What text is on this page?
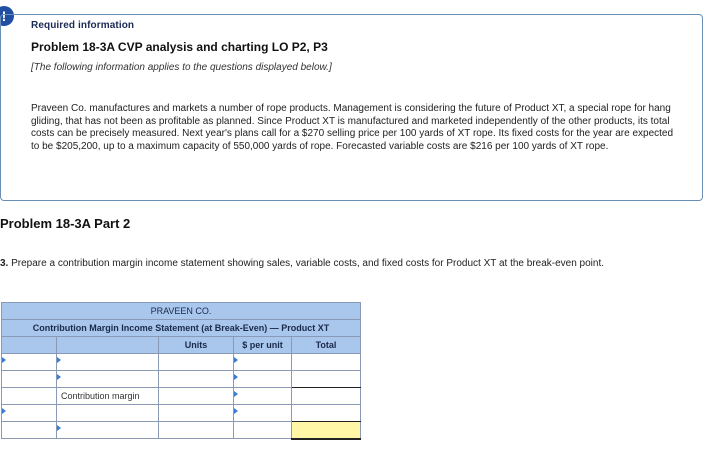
!
Required information
Problem 18-3A CVP analysis and charting LO P2, P3
[The following information applies to the questions displayed below.]
Praveen Co. manufactures and markets a number of rope products. Management is considering the future of Product XT, a special rope for hang gliding, that has not been as profitable as planned. Since Product XT is manufactured and marketed independently of the other products, its total costs can be precisely measured. Next year's plans call for a $270 selling price per 100 yards of XT rope. Its fixed costs for the year are expected to be $205,200, up to a maximum capacity of 550,000 yards of rope. Forecasted variable costs are $216 per 100 yards of XT rope.
Problem 18-3A Part 2
3. Prepare a contribution margin income statement showing sales, variable costs, and fixed costs for Product XT at the break-even point.
PRAVEEN CO.				
Contribution Margin Income Statement (at Break-Even) — Product XT				
		Units	$ per unit	Total

	Contribution margin		
